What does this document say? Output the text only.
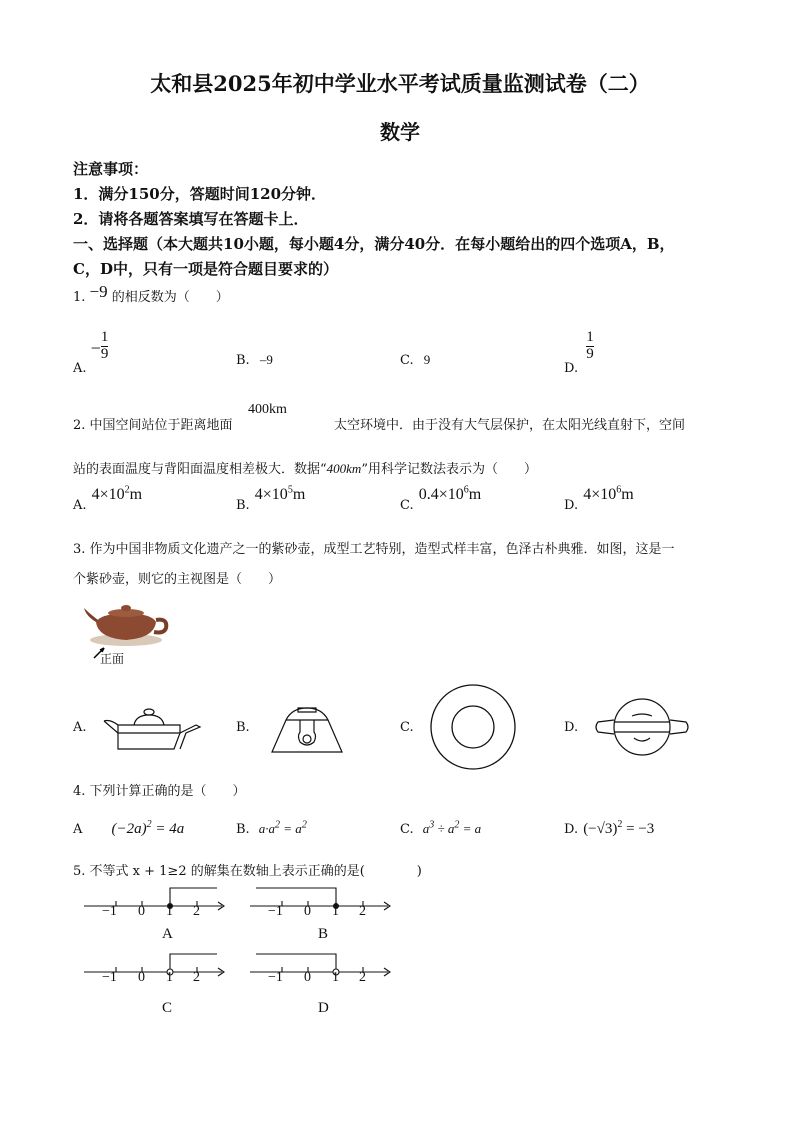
太和县2025年初中学业水平考试质量监测试卷（二）
数学
注意事项：
1．满分150分，答题时间120分钟．
2．请将各题答案填写在答题卡上．
一、选择题（本大题共10小题，每小题4分，满分40分．在每小题给出的四个选项A，B，
C，D中，只有一项是符合题目要求的）
1. −9 的相反数为（　　）
A. − $\frac{1}{9}$	B. –9	C. 9
D.
$\frac{1}{9}$
2. 中国空间站位于距离地面
400km
太空环境中．由于没有大气层保护，在太阳光线直射下，空间
站的表面温度与背阳面温度相差极大．数据“400km”用科学记数法表示为（　　）
$_{A.}$ $4\times 10^2m$
$_{B.}$ $4\times 10^5m$
$_{C.}$ $0.4\times 10^6m$
$_{D.}$ $4\times 10^6m$
3. 作为中国非物质文化遗产之一的紫砂壶，成型工艺特别，造型式样丰富，色泽古朴典雅．如图，这是一
个紫砂壶，则它的主视图是（　　）
正面
A.	B.	C.	D.
4. 下列计算正确的是（　　）
A $(-2a)^2 = 4a$	B. $a\cdot a^2 = a^2$	C. $a^3 \div a^2 = a$	D. $(-√3)^2 = -3$
5. 不等式 x + 1≥2 的解集在数轴上表示正确的是(　　　　)
−1 0 1 2
A
−1 0 1 2
B
−1 0 1 2
C
−1 0 1 2
D
